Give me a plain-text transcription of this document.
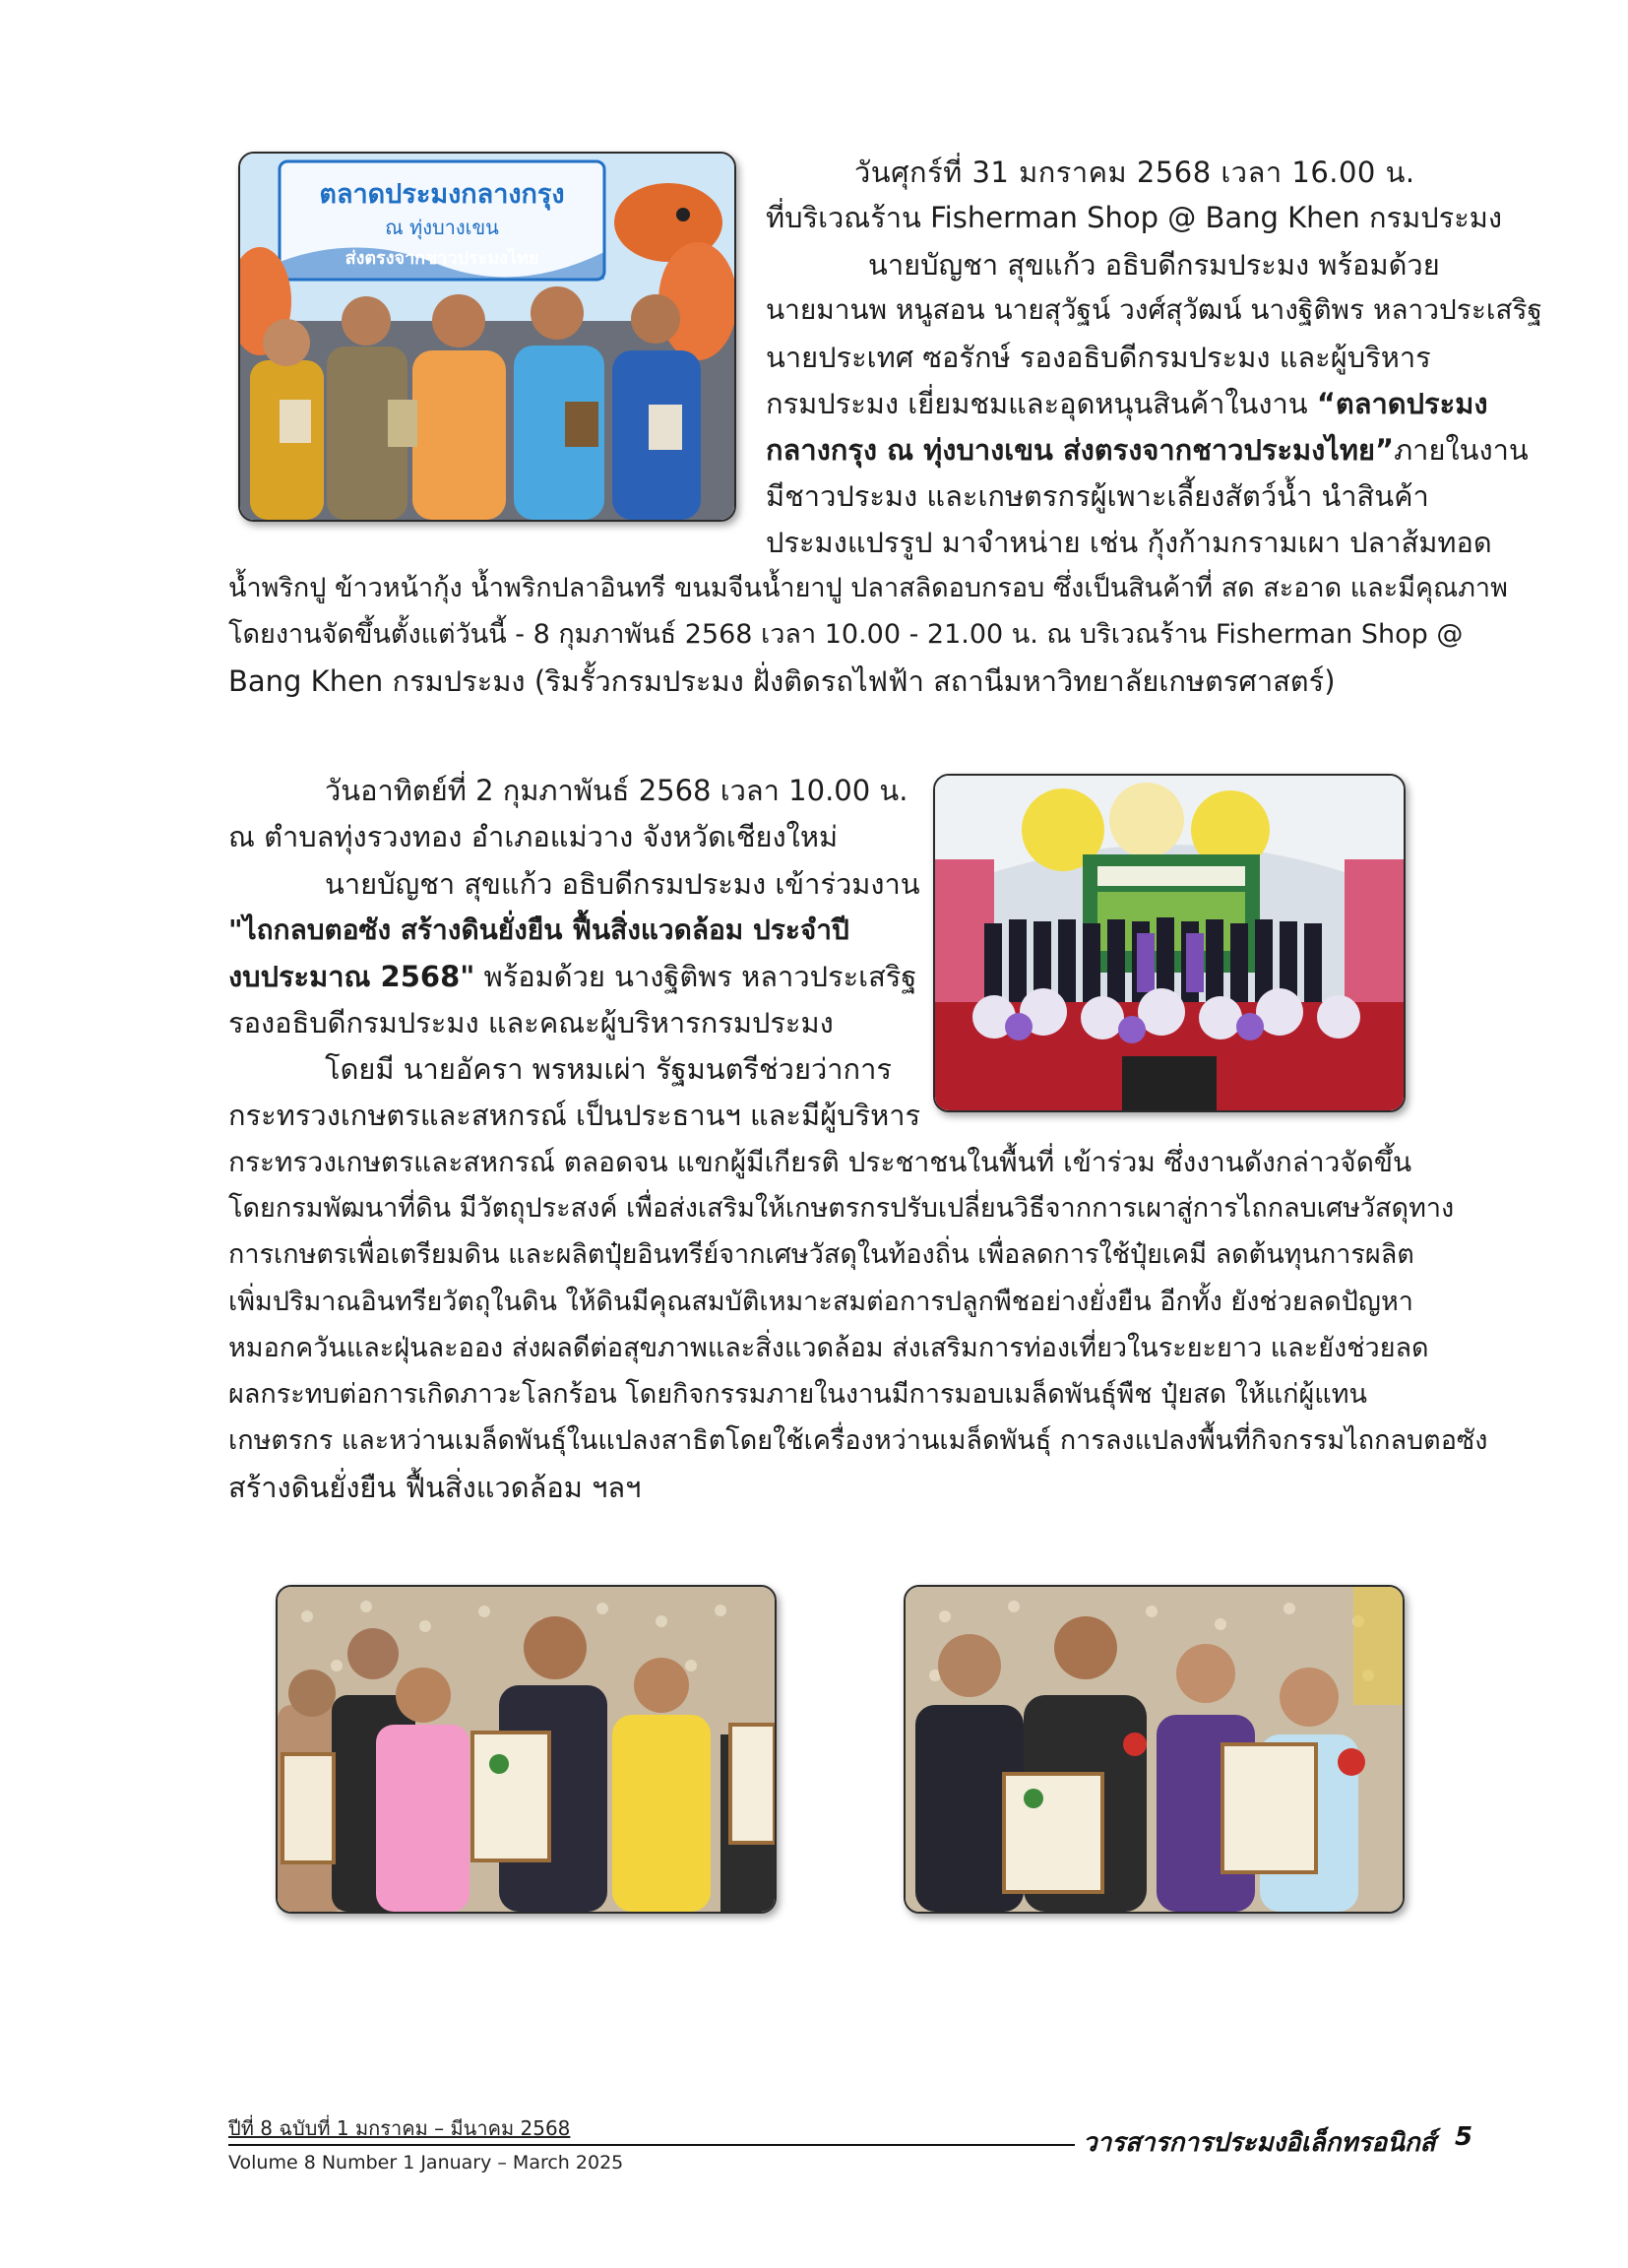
ตลาดประมงกลางกรุง
ณ ทุ่งบางเขน
ส่งตรงจากชาวประมงไทย
วันศุกร์ที่ 31 มกราคม 2568 เวลา 16.00 น.
ที่บริเวณร้าน Fisherman Shop @ Bang Khen กรมประมง
นายบัญชา สุขแก้ว อธิบดีกรมประมง พร้อมด้วย
นายมานพ หนูสอน นายสุวัฐน์ วงศ์สุวัฒน์ นางฐิติพร หลาวประเสริฐ
นายประเทศ ซอรักษ์ รองอธิบดีกรมประมง และผู้บริหาร
กรมประมง เยี่ยมชมและอุดหนุนสินค้าในงาน “ตลาดประมง
กลางกรุง ณ ทุ่งบางเขน ส่งตรงจากชาวประมงไทย”ภายในงาน
มีชาวประมง และเกษตรกรผู้เพาะเลี้ยงสัตว์น้ำ นำสินค้า
ประมงแปรรูป มาจำหน่าย เช่น กุ้งก้ามกรามเผา ปลาส้มทอด
น้ำพริกปู ข้าวหน้ากุ้ง น้ำพริกปลาอินทรี ขนมจีนน้ำยาปู ปลาสลิดอบกรอบ ซึ่งเป็นสินค้าที่ สด สะอาด และมีคุณภาพ
โดยงานจัดขึ้นตั้งแต่วันนี้ - 8 กุมภาพันธ์ 2568 เวลา 10.00 - 21.00 น. ณ บริเวณร้าน Fisherman Shop @
Bang Khen กรมประมง (ริมรั้วกรมประมง ฝั่งติดรถไฟฟ้า สถานีมหาวิทยาลัยเกษตรศาสตร์)
วันอาทิตย์ที่ 2 กุมภาพันธ์ 2568 เวลา 10.00 น.
ณ ตำบลทุ่งรวงทอง อำเภอแม่วาง จังหวัดเชียงใหม่
นายบัญชา สุขแก้ว อธิบดีกรมประมง เข้าร่วมงาน
"ไถกลบตอซัง สร้างดินยั่งยืน ฟื้นสิ่งแวดล้อม ประจำปี
งบประมาณ 2568" พร้อมด้วย นางฐิติพร หลาวประเสริฐ
รองอธิบดีกรมประมง และคณะผู้บริหารกรมประมง
โดยมี นายอัครา พรหมเผ่า รัฐมนตรีช่วยว่าการ
กระทรวงเกษตรและสหกรณ์ เป็นประธานฯ และมีผู้บริหาร
กระทรวงเกษตรและสหกรณ์ ตลอดจน แขกผู้มีเกียรติ ประชาชนในพื้นที่ เข้าร่วม ซึ่งงานดังกล่าวจัดขึ้น
โดยกรมพัฒนาที่ดิน มีวัตถุประสงค์ เพื่อส่งเสริมให้เกษตรกรปรับเปลี่ยนวิธีจากการเผาสู่การไถกลบเศษวัสดุทาง
การเกษตรเพื่อเตรียมดิน และผลิตปุ๋ยอินทรีย์จากเศษวัสดุในท้องถิ่น เพื่อลดการใช้ปุ๋ยเคมี ลดต้นทุนการผลิต
เพิ่มปริมาณอินทรียวัตถุในดิน ให้ดินมีคุณสมบัติเหมาะสมต่อการปลูกพืชอย่างยั่งยืน อีกทั้ง ยังช่วยลดปัญหา
หมอกควันและฝุ่นละออง ส่งผลดีต่อสุขภาพและสิ่งแวดล้อม ส่งเสริมการท่องเที่ยวในระยะยาว และยังช่วยลด
ผลกระทบต่อการเกิดภาวะโลกร้อน โดยกิจกรรมภายในงานมีการมอบเมล็ดพันธุ์พืช ปุ๋ยสด ให้แก่ผู้แทน
เกษตรกร และหว่านเมล็ดพันธุ์ในแปลงสาธิตโดยใช้เครื่องหว่านเมล็ดพันธุ์ การลงแปลงพื้นที่กิจกรรมไถกลบตอซัง
สร้างดินยั่งยืน ฟื้นสิ่งแวดล้อม ฯลฯ
ปีที่ 8 ฉบับที่ 1 มกราคม – มีนาคม 2568
Volume 8 Number 1 January – March 2025
วารสารการประมงอิเล็กทรอนิกส์ 5
